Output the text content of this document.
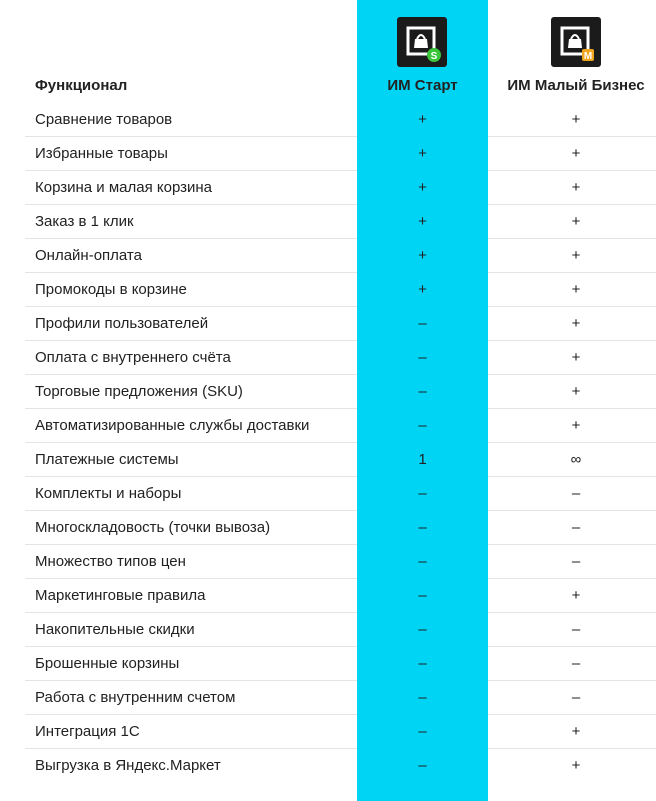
S	M
Функционал	ИМ Старт	ИМ Малый Бизнес
Сравнение товаров	+	+
Избранные товары	+	+
Корзина и малая корзина	+	+
Заказ в 1 клик	+	+
Онлайн-оплата	+	+
Промокоды в корзине	+	+
Профили пользователей	–	+
Оплата с внутреннего счёта	–	+
Торговые предложения (SKU)	–	+
Автоматизированные службы доставки	–	+
Платежные системы	1	∞
Комплекты и наборы	–	–
Многоскладовость (точки вывоза)	–	–
Множество типов цен	–	–
Маркетинговые правила	–	+
Накопительные скидки	–	–
Брошенные корзины	–	–
Работа с внутренним счетом	–	–
Интеграция 1С	–	+
Выгрузка в Яндекс.Маркет	–	+
